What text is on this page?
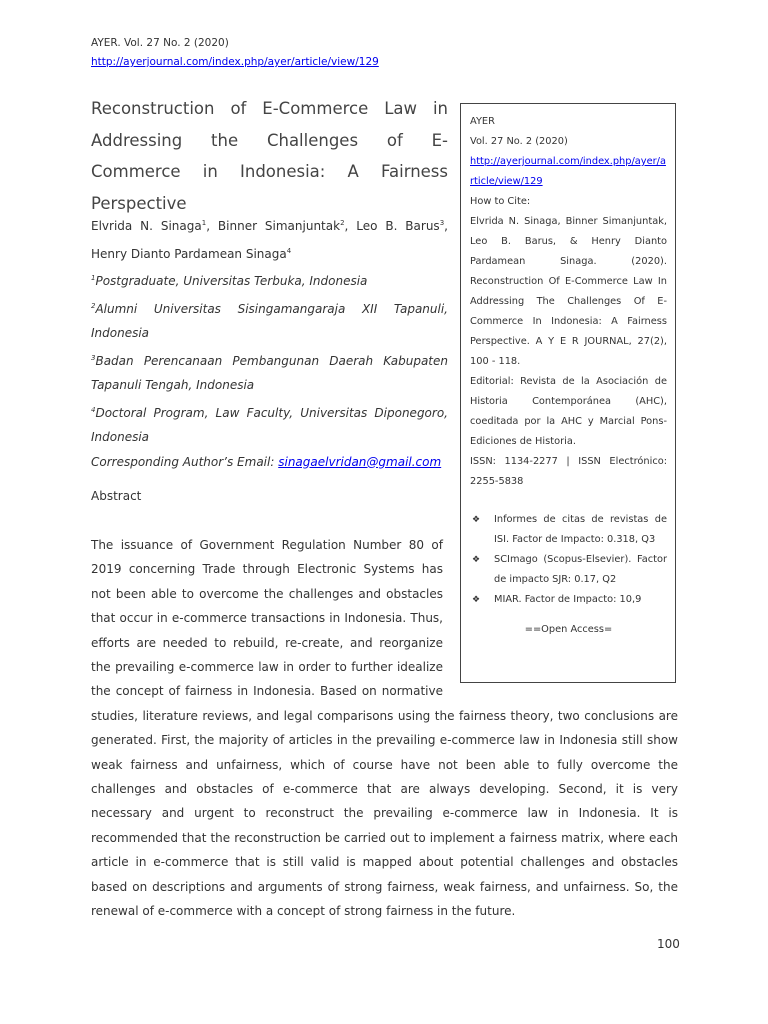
AYER. Vol. 27 No. 2 (2020)
http://ayerjournal.com/index.php/ayer/article/view/129
Reconstruction of E-Commerce Law in Addressing the Challenges of E- Commerce in Indonesia: A Fairness Perspective

Elvrida N. Sinaga$^1$, Binner Simanjuntak$^2$, Leo B. Barus$^3$, Henry Dianto Pardamean Sinaga$^4$

$^1$Postgraduate, Universitas Terbuka, Indonesia

$^2$Alumni Universitas Sisingamangaraja XII Tapanuli, Indonesia

$^3$Badan Perencanaan Pembangunan Daerah Kabupaten Tapanuli Tengah, Indonesia

$^4$Doctoral Program, Law Faculty, Universitas Diponegoro, Indonesia

Corresponding Author’s Email: sinagaelvridan@gmail.com

Abstract
The issuance of Government Regulation Number 80 of 2019 concerning Trade through Electronic Systems has not been able to overcome the challenges and obstacles that occur in e-commerce transactions in Indonesia. Thus, efforts are needed to rebuild, re-create, and reorganize the prevailing e-commerce law in order to further idealize the concept of fairness in Indonesia. Based on normative studies, literature reviews, and legal comparisons using the fairness theory, two conclusions are generated. First, the majority of articles in the prevailing e-commerce law in Indonesia still show weak fairness and unfairness, which of course have not been able to fully overcome the challenges and obstacles of e-commerce that are always developing. Second, it is very necessary and urgent to reconstruct the prevailing e-commerce law in Indonesia. It is recommended that the reconstruction be carried out to implement a fairness matrix, where each article in e-commerce that is still valid is mapped about potential challenges and obstacles based on descriptions and arguments of strong fairness, weak fairness, and unfairness. So, the renewal of e-commerce with a concept of strong fairness in the future.

AYER

Vol. 27 No. 2 (2020)

http://ayerjournal.com/index.php/ayer/article/view/129

How to Cite:

Elvrida N. Sinaga, Binner Simanjuntak, Leo B. Barus, & Henry Dianto Pardamean Sinaga. (2020). Reconstruction Of E-Commerce Law In Addressing The Challenges Of E-Commerce In Indonesia: A Fairness Perspective. A Y E R JOURNAL, 27(2), 100 - 118.

Editorial: Revista de la Asociación de Historia Contemporánea (AHC), coeditada por la AHC y Marcial Pons-Ediciones de Historia.

ISSN: 1134-2277 | ISSN Electrónico: 2255-5838

❖ Informes de citas de revistas de ISI. Factor de Impacto: 0.318, Q3
❖ SCImago (Scopus-Elsevier). Factor de impacto SJR: 0.17, Q2
❖ MIAR. Factor de Impacto: 10,9

==Open Access=

100
